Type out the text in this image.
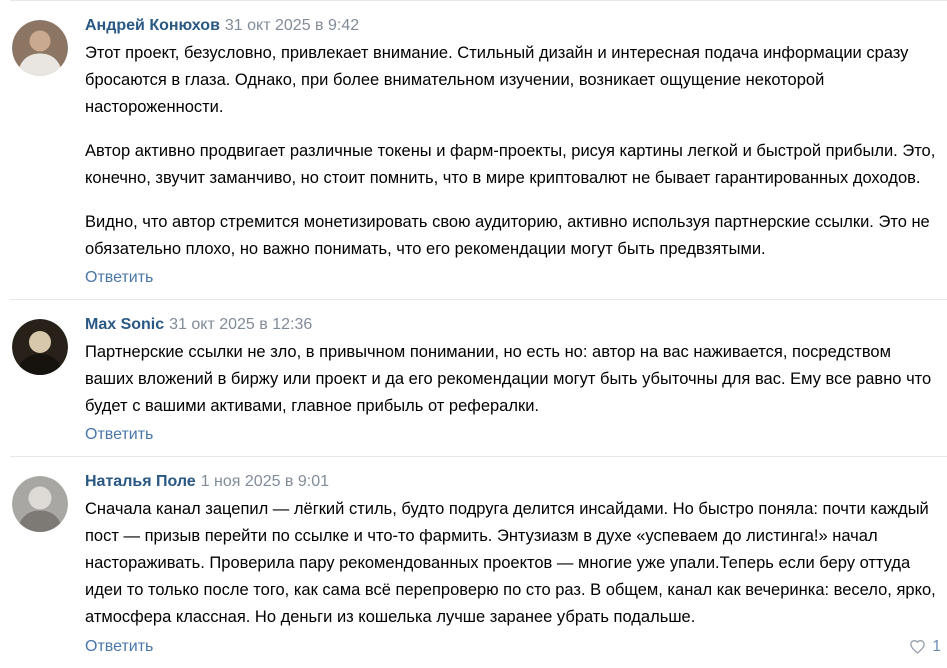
Андрей Конюхов 31 окт 2025 в 9:42

Этот проект, безусловно, привлекает внимание. Стильный дизайн и интересная подача информации сразу бросаются в глаза. Однако, при более внимательном изучении, возникает ощущение некоторой настороженности.

Автор активно продвигает различные токены и фарм-проекты, рисуя картины легкой и быстрой прибыли. Это, конечно, звучит заманчиво, но стоит помнить, что в мире криптовалют не бывает гарантированных доходов.

Видно, что автор стремится монетизировать свою аудиторию, активно используя партнерские ссылки. Это не обязательно плохо, но важно понимать, что его рекомендации могут быть предвзятыми.

Ответить
Max Sonic 31 окт 2025 в 12:36

Партнерские ссылки не зло, в привычном понимании, но есть но: автор на вас наживается, посредством ваших вложений в биржу или проект и да его рекомендации могут быть убыточны для вас. Ему все равно что будет с вашими активами, главное прибыль от рефералки.

Ответить
Наталья Поле 1 ноя 2025 в 9:01

Сначала канал зацепил — лёгкий стиль, будто подруга делится инсайдами. Но быстро поняла: почти каждый пост — призыв перейти по ссылке и что-то фармить. Энтузиазм в духе «успеваем до листинга!» начал настораживать. Проверила пару рекомендованных проектов — многие уже упали.Теперь если беру оттуда идеи то только после того, как сама всё перепроверю по сто раз. В общем, канал как вечеринка: весело, ярко, атмосфера классная. Но деньги из кошелька лучше заранее убрать подальше.

Ответить	1
